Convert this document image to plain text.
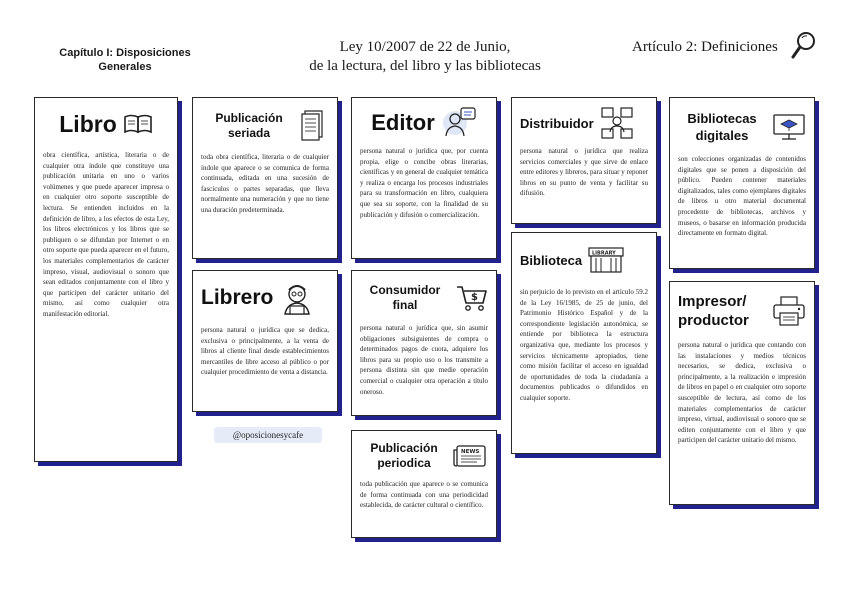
Capítulo I: Disposiciones Generales
Ley 10/2007 de 22 de Junio,
de la lectura, del libro y las bibliotecas
Artículo 2: Definiciones
Libro
obra científica, artística, literaria o de cualquier otra índole que constituye una publicación unitaria en uno o varios volúmenes y que puede aparecer impresa o en cualquier otro soporte susceptible de lectura. Se entienden incluidos en la definición de libro, a los efectos de esta Ley, los libros electrónicos y los libros que se publiquen o se difundan por Internet o en otro soporte que pueda aparecer en el futuro, los materiales complementarios de carácter impreso, visual, audiovisual o sonoro que sean editados conjuntamente con el libro y que participen del carácter unitario del mismo, así como cualquier otra manifestación editorial.
Publicación seriada
toda obra científica, literaria o de cualquier índole que aparece o se comunica de forma continuada, editada en una sucesión de fascículos o partes separadas, que lleva normalmente una numeración y que no tiene una duración predeterminada.
Librero
persona natural o jurídica que se dedica, exclusiva o principalmente, a la venta de libros al cliente final desde establecimientos mercantiles de libre acceso al público o por cualquier procedimiento de venta a distancia.
@oposicionesycafe
Editor
persona natural o jurídica que, por cuenta propia, elige o concibe obras literarias, científicas y en general de cualquier temática y realiza o encarga los procesos industriales para su transformación en libro, cualquiera que sea su soporte, con la finalidad de su publicación y difusión o comercialización.
Consumidor final
$
persona natural o jurídica que, sin asumir obligaciones subsiguientes de compra o determinados pagos de cuota, adquiere los libros para su propio uso o los transmite a persona distinta sin que medie operación comercial o cualquier otra operación a título oneroso.
Publicación periodica
NEWS
toda publicación que aparece o se comunica de forma continuada con una periodicidad establecida, de carácter cultural o científico.
Distribuidor
persona natural o jurídica que realiza servicios comerciales y que sirve de enlace entre editores y libreros, para situar y reponer libros en su punto de venta y facilitar su difusión.
Biblioteca LIBRARY
sin perjuicio de lo previsto en el artículo 59.2 de la Ley 16/1985, de 25 de junio, del Patrimonio Histórico Español y de la correspondiente legislación autonómica, se entiende por biblioteca la estructura organizativa que, mediante los procesos y servicios técnicamente apropiados, tiene como misión facilitar el acceso en igualdad de oportunidades de toda la ciudadanía a documentos publicados o difundidos en cualquier soporte.
Bibliotecas digitales
son colecciones organizadas de contenidos digitales que se ponen a disposición del público. Pueden contener materiales digitalizados, tales como ejemplares digitales de libros u otro material documental procedente de bibliotecas, archivos y museos, o basarse en información producida directamente en formato digital.
Impresor/ productor
persona natural o jurídica que contando con las instalaciones y medios técnicos necesarios, se dedica, exclusiva o principalmente, a la realización e impresión de libros en papel o en cualquier otro soporte susceptible de lectura, así como de los materiales complementarios de carácter impreso, virtual, audiovisual o sonoro que se editen conjuntamente con el libro y que participen del carácter unitario del mismo.
